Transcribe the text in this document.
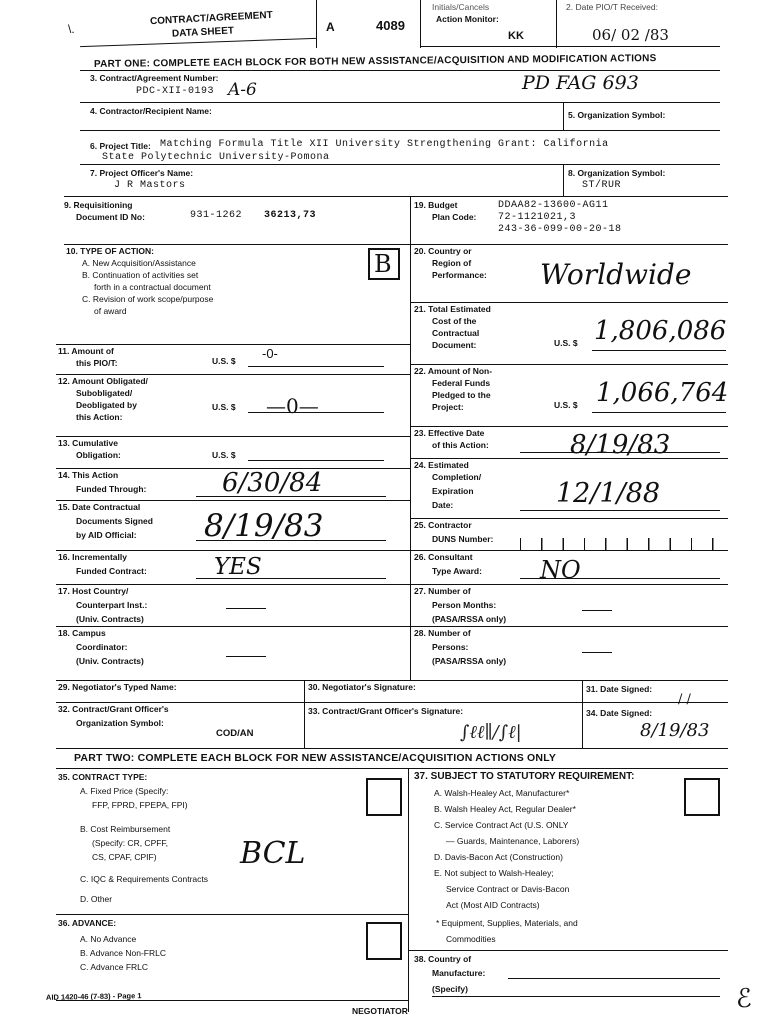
\.
CONTRACT/AGREEMENT
DATA SHEET	A	4089
Initials/Cancels
Action Monitor:
KK
2. Date PIO/T Received:
06/ 02 /83
PART ONE: COMPLETE EACH BLOCK FOR BOTH NEW ASSISTANCE/ACQUISITION AND MODIFICATION ACTIONS
3. Contract/Agreement Number:
PDC-XII-0193 A-6	PD FAG 693
4. Contractor/Recipient Name:	5. Organization Symbol:
6. Project Title: Matching Formula Title XII University Strengthening Grant: California
State Polytechnic University-Pomona
7. Project Officer's Name:
J R Mastors
8. Organization Symbol:
ST/RUR
9. Requisitioning
Document ID No:	931-1262 36213,73
19. Budget
Plan Code:
DDAA82-13600-AG11
72-1121021,3
243-36-099-00-20-18
10. TYPE OF ACTION:
A. New Acquisition/Assistance
B. Continuation of activities set
forth in a contractual document
C. Revision of work scope/purpose
of award
B	20. Country or
Region of
Performance: Worldwide
21. Total Estimated
Cost of the
Contractual
Document:	U.S. $ 1,806,086
11. Amount of
this PIO/T:	U.S. $ -0-
22. Amount of Non-
Federal Funds
Pledged to the
Project:	U.S. $ 1,066,764
12. Amount Obligated/
Subobligated/
Deobligated by
this Action:
U.S. $ —0—
23. Effective Date
of this Action:	8/19/83
13. Cumulative
Obligation:	U.S. $
14. This Action
Funded Through:	6/30/84
24. Estimated
Completion/
Expiration
Date:	12/1/88
15. Date Contractual
Documents Signed
by AID Official: 8/19/83	25. Contractor
DUNS Number:
16. Incrementally
Funded Contract:	YES	26. Consultant
Type Award: NO
17. Host Country/
Counterpart Inst.:
(Univ. Contracts)
27. Number of
Person Months:
(PASA/RSSA only)
18. Campus
Coordinator:
(Univ. Contracts)
28. Number of
Persons:
(PASA/RSSA only)
29. Negotiator's Typed Name:	30. Negotiator's Signature:	31. Date Signed:
/ /
32. Contract/Grant Officer's
Organization Symbol:
COD/AN
33. Contract/Grant Officer's Signature:
∫ℓℓ∥/∫ℓ|
34. Date Signed:
8/19/83
PART TWO: COMPLETE EACH BLOCK FOR NEW ASSISTANCE/ACQUISITION ACTIONS ONLY
35. CONTRACT TYPE:
A. Fixed Price (Specify:
FFP, FPRD, FPEPA, FPI)
B. Cost Reimbursement
(Specify: CR, CPFF,
CS, CPAF, CPIF)
C. IQC & Requirements Contracts
D. Other
BCL
36. ADVANCE:
A. No Advance
B. Advance Non-FRLC
C. Advance FRLC
37. SUBJECT TO STATUTORY REQUIREMENT:
A. Walsh-Healey Act, Manufacturer*
B. Walsh Healey Act, Regular Dealer*
C. Service Contract Act (U.S. ONLY
— Guards, Maintenance, Laborers)
D. Davis-Bacon Act (Construction)
E. Not subject to Walsh-Healey;
Service Contract or Davis-Bacon
Act (Most AID Contracts)
* Equipment, Supplies, Materials, and
Commodities
38. Country of
Manufacture:
(Specify)
AID 1420-46 (7-83) - Page 1
NEGOTIATOR	ℰ
